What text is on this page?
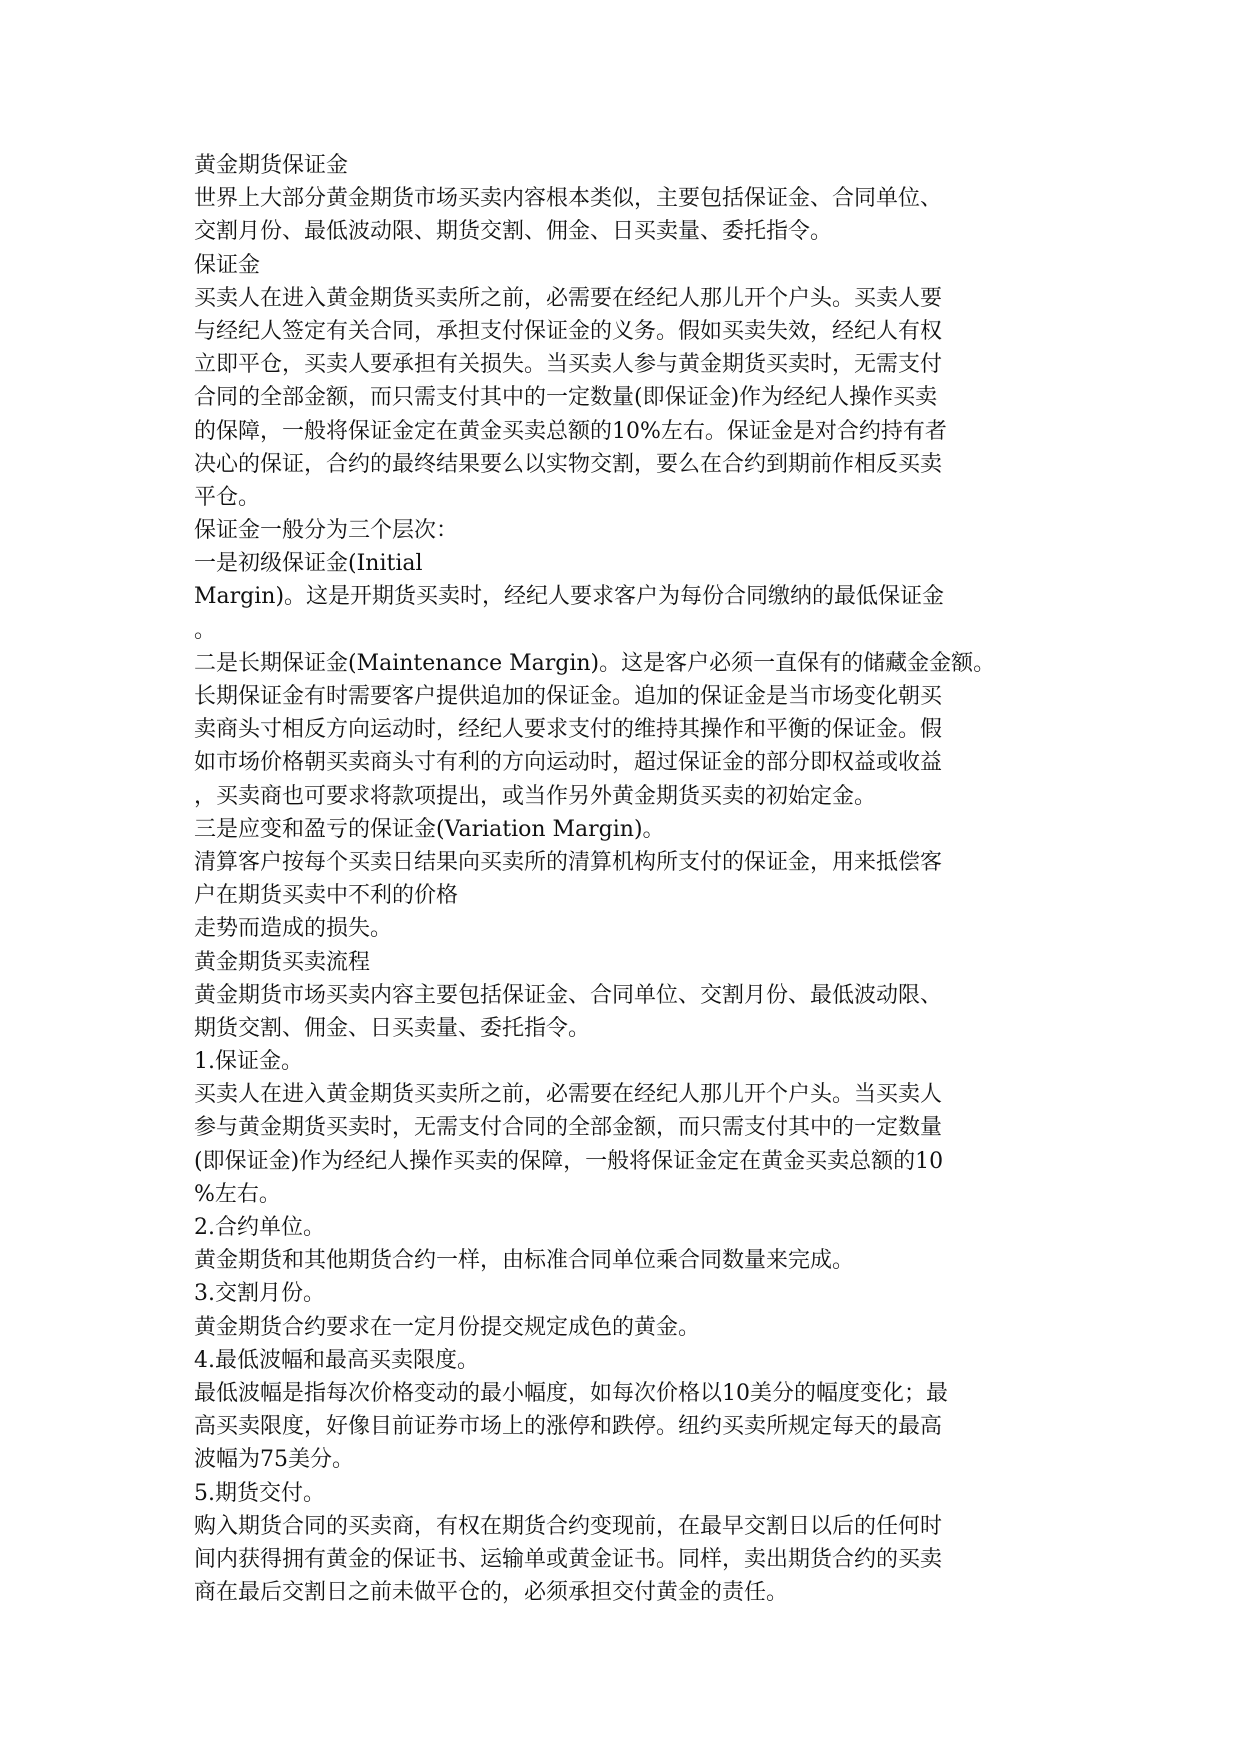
黄金期货保证金
世界上大部分黄金期货市场买卖内容根本类似，主要包括保证金、合同单位、
交割月份、最低波动限、期货交割、佣金、日买卖量、委托指令。
保证金
买卖人在进入黄金期货买卖所之前，必需要在经纪人那儿开个户头。买卖人要
与经纪人签定有关合同，承担支付保证金的义务。假如买卖失效，经纪人有权
立即平仓，买卖人要承担有关损失。当买卖人参与黄金期货买卖时，无需支付
合同的全部金额，而只需支付其中的一定数量(即保证金)作为经纪人操作买卖
的保障，一般将保证金定在黄金买卖总额的10%左右。保证金是对合约持有者
决心的保证，合约的最终结果要么以实物交割，要么在合约到期前作相反买卖
平仓。
保证金一般分为三个层次：
一是初级保证金(Initial
Margin)。这是开期货买卖时，经纪人要求客户为每份合同缴纳的最低保证金
。
二是长期保证金(Maintenance Margin)。这是客户必须一直保有的储藏金金额。
长期保证金有时需要客户提供追加的保证金。追加的保证金是当市场变化朝买
卖商头寸相反方向运动时，经纪人要求支付的维持其操作和平衡的保证金。假
如市场价格朝买卖商头寸有利的方向运动时，超过保证金的部分即权益或收益
，买卖商也可要求将款项提出，或当作另外黄金期货买卖的初始定金。
三是应变和盈亏的保证金(Variation Margin)。
清算客户按每个买卖日结果向买卖所的清算机构所支付的保证金，用来抵偿客
户在期货买卖中不利的价格
走势而造成的损失。
黄金期货买卖流程
黄金期货市场买卖内容主要包括保证金、合同单位、交割月份、最低波动限、
期货交割、佣金、日买卖量、委托指令。
1.保证金。
买卖人在进入黄金期货买卖所之前，必需要在经纪人那儿开个户头。当买卖人
参与黄金期货买卖时，无需支付合同的全部金额，而只需支付其中的一定数量
(即保证金)作为经纪人操作买卖的保障，一般将保证金定在黄金买卖总额的10
%左右。
2.合约单位。
黄金期货和其他期货合约一样，由标准合同单位乘合同数量来完成。
3.交割月份。
黄金期货合约要求在一定月份提交规定成色的黄金。
4.最低波幅和最高买卖限度。
最低波幅是指每次价格变动的最小幅度，如每次价格以10美分的幅度变化；最
高买卖限度，好像目前证券市场上的涨停和跌停。纽约买卖所规定每天的最高
波幅为75美分。
5.期货交付。
购入期货合同的买卖商，有权在期货合约变现前，在最早交割日以后的任何时
间内获得拥有黄金的保证书、运输单或黄金证书。同样，卖出期货合约的买卖
商在最后交割日之前未做平仓的，必须承担交付黄金的责任。
